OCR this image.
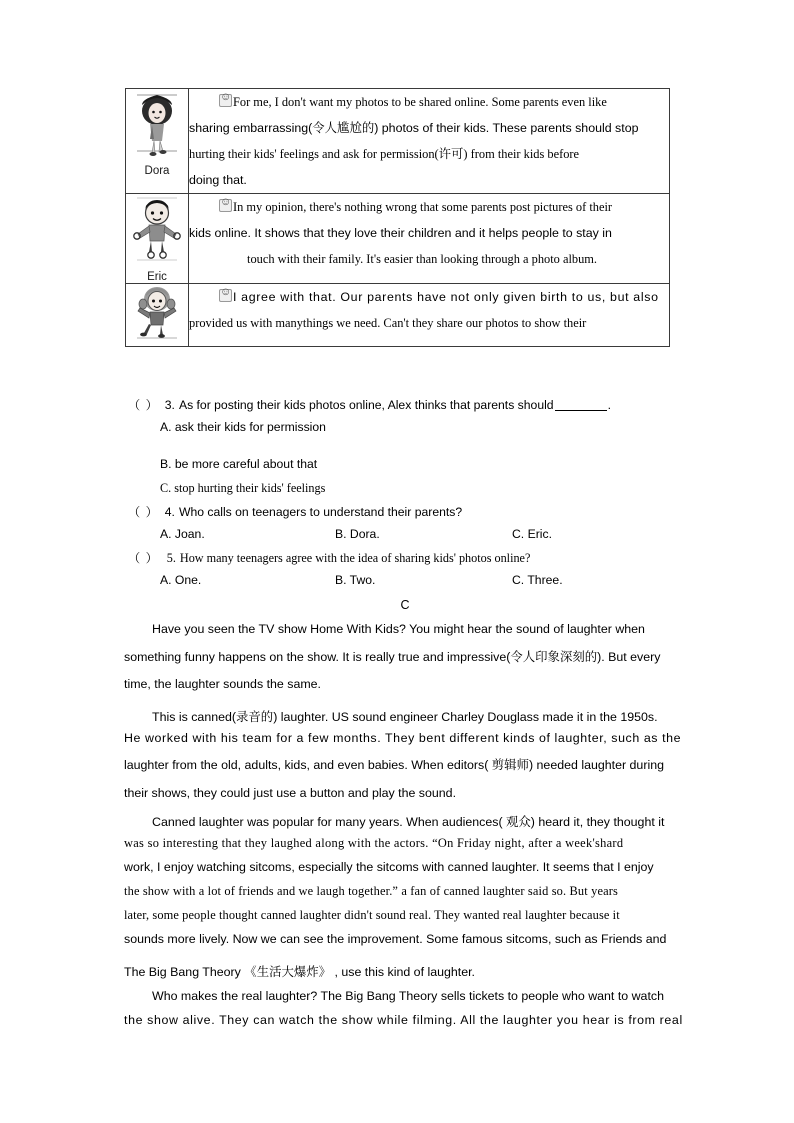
Dora

☺For me, I don't want my photos to be shared online. Some parents even like
sharing embarrassing(令人尴尬的) photos of their kids. These parents should stop
hurting their kids' feelings and ask for permission(许可) from their kids before
doing that.

Eric

☺In my opinion, there's nothing wrong that some parents post pictures of their
kids online. It shows that they love their children and it helps people to stay in
touch with their family. It's easier than looking through a photo album.

☺I agree with that. Our parents have not only given birth to us, but also
provided us with manythings we need. Can't they share our photos to show their
（ ） 3. As for posting their kids photos online, Alex thinks that parents should	.
A. ask their kids for permission
B. be more careful about that
C. stop hurting their kids' feelings
（ ） 4. Who calls on teenagers to understand their parents?
A. Joan.	B. Dora.	C. Eric.
（ ） 5. How many teenagers agree with the idea of sharing kids' photos online?
A. One.	B. Two.	C. Three.
C
Have you seen the TV show Home With Kids? You might hear the sound of laughter when
something funny happens on the show. It is really true and impressive(令人印象深刻的). But every
time, the laughter sounds the same.
This is canned(录音的) laughter. US sound engineer Charley Douglass made it in the 1950s.
He worked with his team for a few months. They bent different kinds of laughter, such as the
laughter from the old, adults, kids, and even babies. When editors( 剪辑师) needed laughter during
their shows, they could just use a button and play the sound.
Canned laughter was popular for many years. When audiences( 观众) heard it, they thought it
was so interesting that they laughed along with the actors. “On Friday night, after a week'shard
work, I enjoy watching sitcoms, especially the sitcoms with canned laughter. It seems that I enjoy
the show with a lot of friends and we laugh together.” a fan of canned laughter said so. But years
later, some people thought canned laughter didn't sound real. They wanted real laughter because it
sounds more lively. Now we can see the improvement. Some famous sitcoms, such as Friends and
The Big Bang Theory 《生活大爆炸》 , use this kind of laughter.
Who makes the real laughter? The Big Bang Theory sells tickets to people who want to watch
the show alive. They can watch the show while filming. All the laughter you hear is from real
